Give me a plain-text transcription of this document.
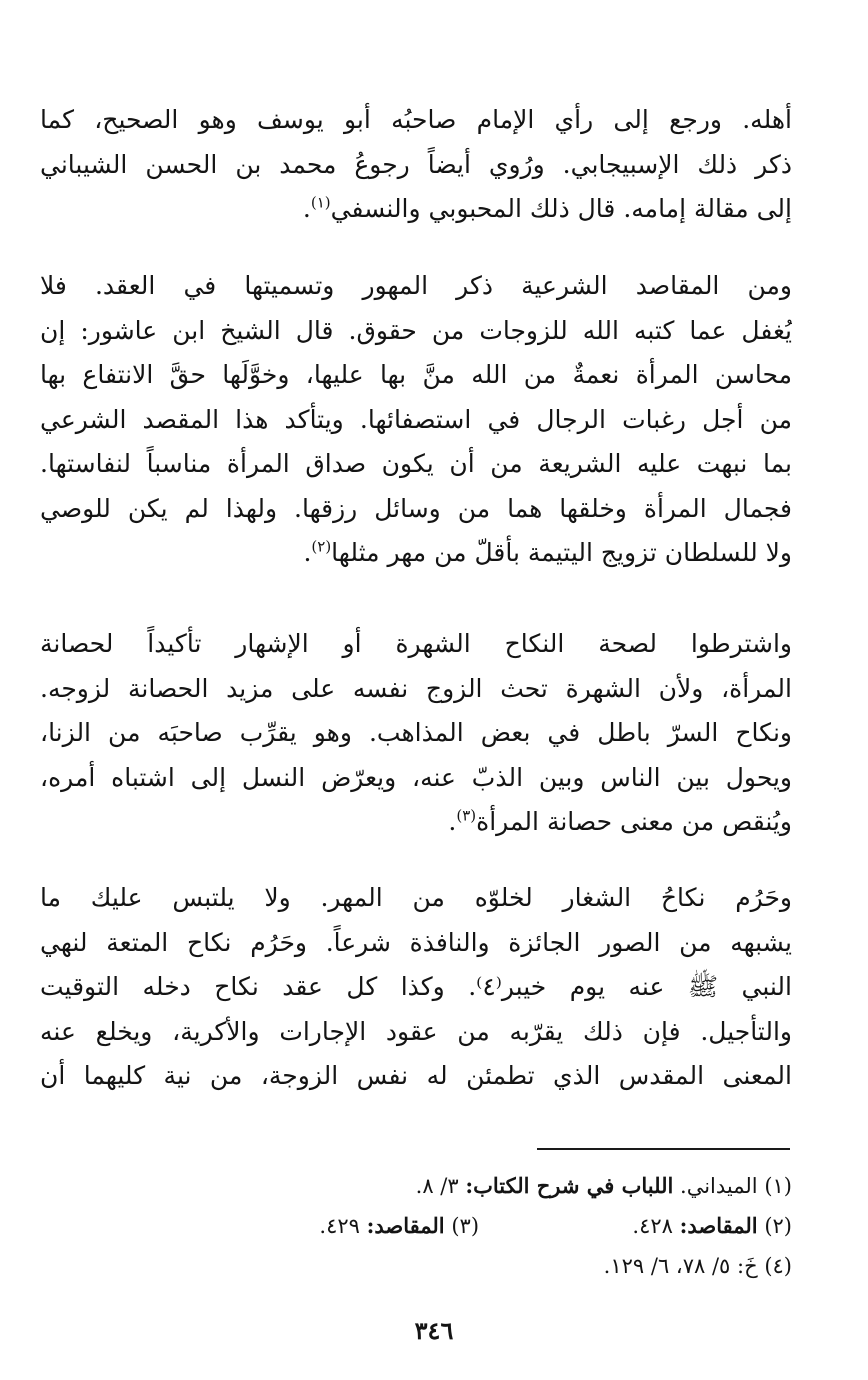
أهله. ورجع إلى رأي الإمام صاحبُه أبو يوسف وهو الصحيح، كما
ذكر ذلك الإسبيجابي. ورُوي أيضاً رجوعُ محمد بن الحسن الشيباني
إلى مقالة إمامه. قال ذلك المحبوبي والنسفي$^{(١)}$.
ومن المقاصد الشرعية ذكر المهور وتسميتها في العقد. فلا
يُغفل عما كتبه الله للزوجات من حقوق. قال الشيخ ابن عاشور: إن
محاسن المرأة نعمةٌ من الله منَّ بها عليها، وخوَّلَها حقَّ الانتفاع بها
من أجل رغبات الرجال في استصفائها. ويتأكد هذا المقصد الشرعي
بما نبهت عليه الشريعة من أن يكون صداق المرأة مناسباً لنفاستها.
فجمال المرأة وخلقها هما من وسائل رزقها. ولهذا لم يكن للوصي
ولا للسلطان تزويج اليتيمة بأقلّ من مهر مثلها$^{(٢)}$.
واشترطوا لصحة النكاح الشهرة أو الإشهار تأكيداً لحصانة
المرأة، ولأن الشهرة تحث الزوج نفسه على مزيد الحصانة لزوجه.
ونكاح السرّ باطل في بعض المذاهب. وهو يقرِّب صاحبَه من الزنا،
ويحول بين الناس وبين الذبّ عنه، ويعرّض النسل إلى اشتباه أمره،
ويُنقص من معنى حصانة المرأة$^{(٣)}$.
وحَرُم نكاحُ الشغار لخلوّه من المهر. ولا يلتبس عليك ما
يشبهه من الصور الجائزة والنافذة شرعاً. وحَرُم نكاح المتعة لنهي
النبي ﷺ عنه يوم خيبر⁽٤⁾. وكذا كل عقد نكاح دخله التوقيت
والتأجيل. فإن ذلك يقرّبه من عقود الإجارات والأكرية، ويخلع عنه
المعنى المقدس الذي تطمئن له نفس الزوجة، من نية كليهما أن
(١) الميداني. اللباب في شرح الكتاب: ٣/ ٨.
(٢) المقاصد: ٤٢٨.  (٣) المقاصد: ٤٢٩.
(٤) خَ: ٥/ ٧٨، ٦/ ١٢٩.
٣٤٦
